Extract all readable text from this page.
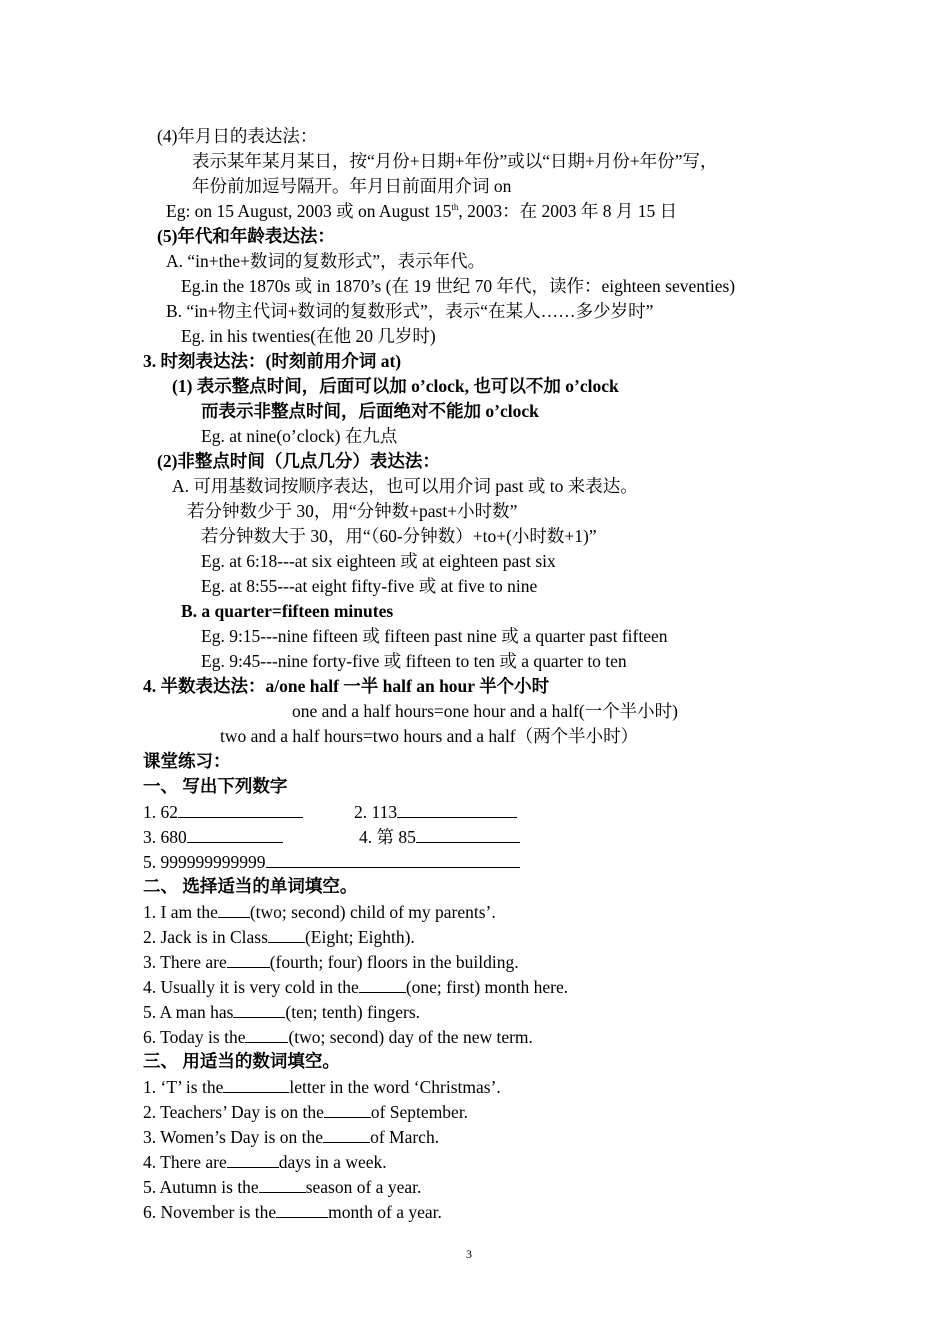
(4)年月日的表达法：
表示某年某月某日，按“月份+日期+年份”或以“日期+月份+年份”写，
年份前加逗号隔开。年月日前面用介词 on
Eg: on 15 August, 2003 或 on August 15th, 2003：在 2003 年 8 月 15 日
(5)年代和年龄表达法：
A. “in+the+数词的复数形式”，表示年代。
Eg.in the 1870s 或 in 1870’s (在 19 世纪 70 年代，读作：eighteen seventies)
B. “in+物主代词+数词的复数形式”，表示“在某人……多少岁时”
Eg. in his twenties(在他 20 几岁时)
3. 时刻表达法：(时刻前用介词 at)
(1) 表示整点时间，后面可以加 o’clock, 也可以不加 o’clock
而表示非整点时间，后面绝对不能加 o’clock
Eg. at nine(o’clock) 在九点
(2)非整点时间（几点几分）表达法：
A. 可用基数词按顺序表达，也可以用介词 past 或 to 来表达。
若分钟数少于 30，用“分钟数+past+小时数”
若分钟数大于 30，用“（60-分钟数）+to+(小时数+1)”
Eg. at 6:18---at six eighteen 或 at eighteen past six
Eg. at 8:55---at eight fifty-five 或 at five to nine
B. a quarter=fifteen minutes
Eg. 9:15---nine fifteen 或 fifteen past nine 或 a quarter past fifteen
Eg. 9:45---nine forty-five 或 fifteen to ten 或 a quarter to ten
4. 半数表达法：a/one half 一半 half an hour 半个小时
one and a half hours=one hour and a half(一个半小时)
two and a half hours=two hours and a half（两个半小时）
课堂练习：
一、 写出下列数字
1. 62	2. 113
3. 680	4. 第 85
5. 999999999999
二、 选择适当的单词填空。
1. I am the (two; second) child of my parents’.
2. Jack is in Class (Eight; Eighth).
3. There are (fourth; four) floors in the building.
4. Usually it is very cold in the	(one; first) month here.
5. A man has	(ten; tenth) fingers.
6. Today is the (two; second) day of the new term.
三、 用适当的数词填空。
1. ‘T’ is the	letter in the word ‘Christmas’.
2. Teachers’ Day is on the	of September.
3. Women’s Day is on the	of March.
4. There are	days in a week.
5. Autumn is the	season of a year.
6. November is the	month of a year.
3
